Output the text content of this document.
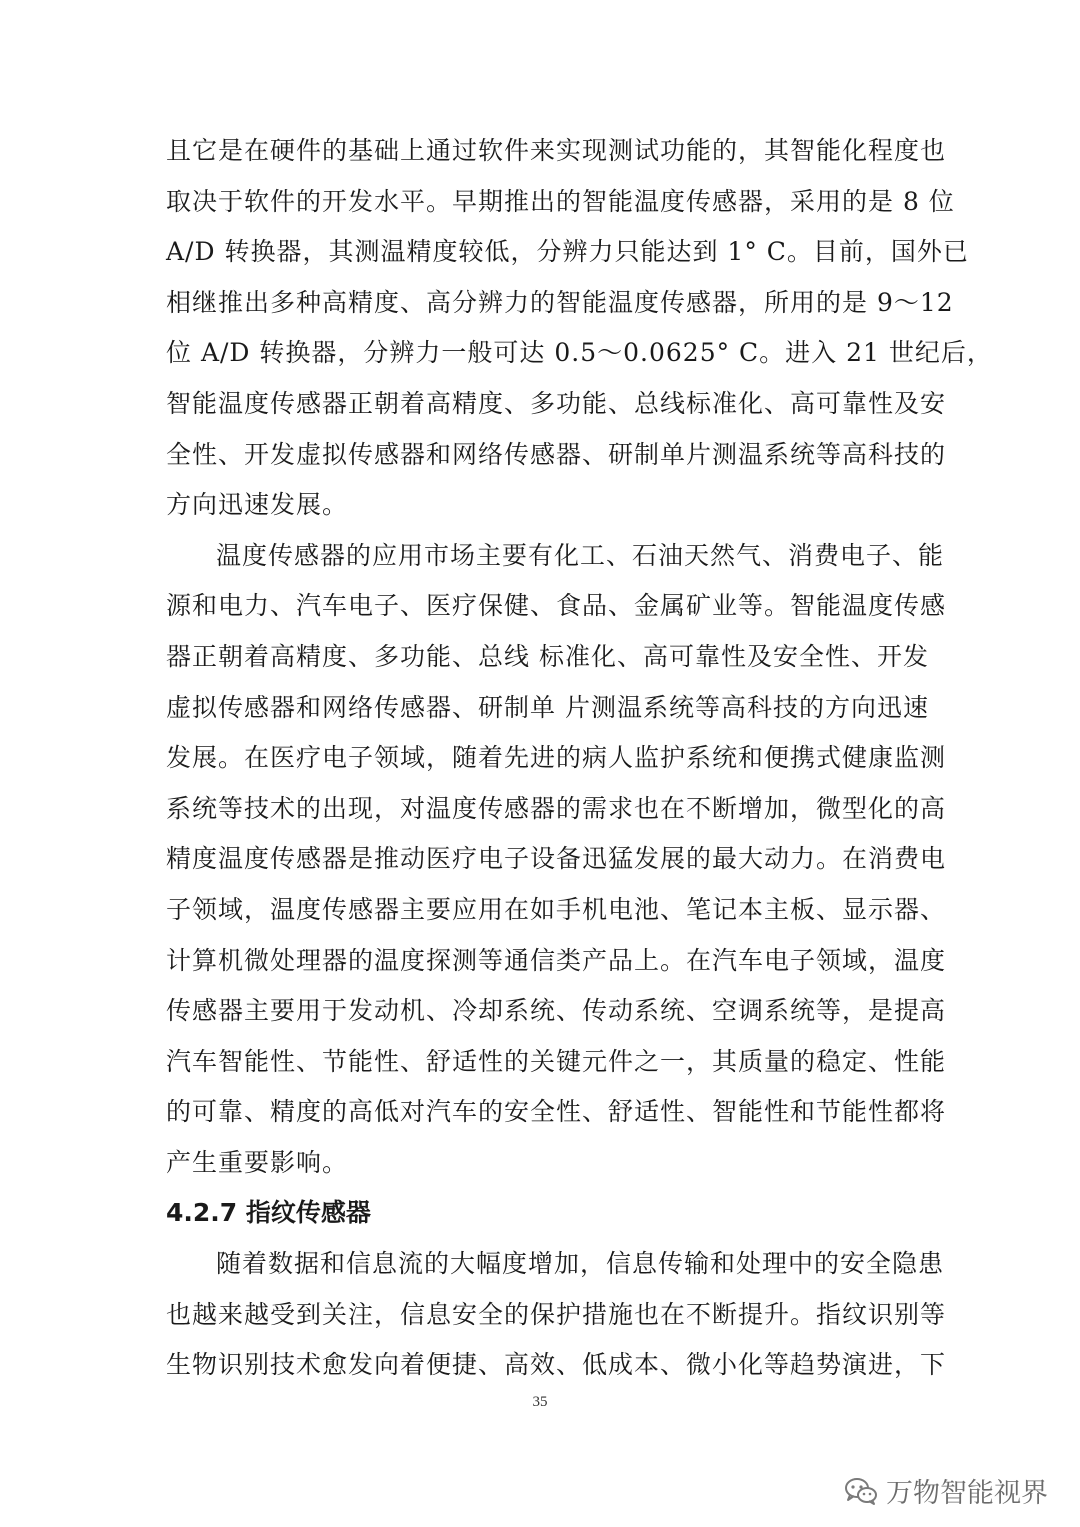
且它是在硬件的基础上通过软件来实现测试功能的，其智能化程度也
取决于软件的开发水平。早期推出的智能温度传感器，采用的是 8 位
A/D 转换器，其测温精度较低，分辨力只能达到 1° C。目前，国外已
相继推出多种高精度、高分辨力的智能温度传感器，所用的是 9～12
位 A/D 转换器，分辨力一般可达 0.5～0.0625° C。进入 21 世纪后，
智能温度传感器正朝着高精度、多功能、总线标准化、高可靠性及安
全性、开发虚拟传感器和网络传感器、研制单片测温系统等高科技的
方向迅速发展。
温度传感器的应用市场主要有化工、石油天然气、消费电子、能
源和电力、汽车电子、医疗保健、食品、金属矿业等。智能温度传感
器正朝着高精度、多功能、总线 标准化、高可靠性及安全性、开发
虚拟传感器和网络传感器、研制单 片测温系统等高科技的方向迅速
发展。在医疗电子领域，随着先进的病人监护系统和便携式健康监测
系统等技术的出现，对温度传感器的需求也在不断增加，微型化的高
精度温度传感器是推动医疗电子设备迅猛发展的最大动力。在消费电
子领域，温度传感器主要应用在如手机电池、笔记本主板、显示器、
计算机微处理器的温度探测等通信类产品上。在汽车电子领域，温度
传感器主要用于发动机、冷却系统、传动系统、空调系统等，是提高
汽车智能性、节能性、舒适性的关键元件之一，其质量的稳定、性能
的可靠、精度的高低对汽车的安全性、舒适性、智能性和节能性都将
产生重要影响。
4.2.7 指纹传感器
随着数据和信息流的大幅度增加，信息传输和处理中的安全隐患
也越来越受到关注，信息安全的保护措施也在不断提升。指纹识别等
生物识别技术愈发向着便捷、高效、低成本、微小化等趋势演进，下
35
万物智能视界
